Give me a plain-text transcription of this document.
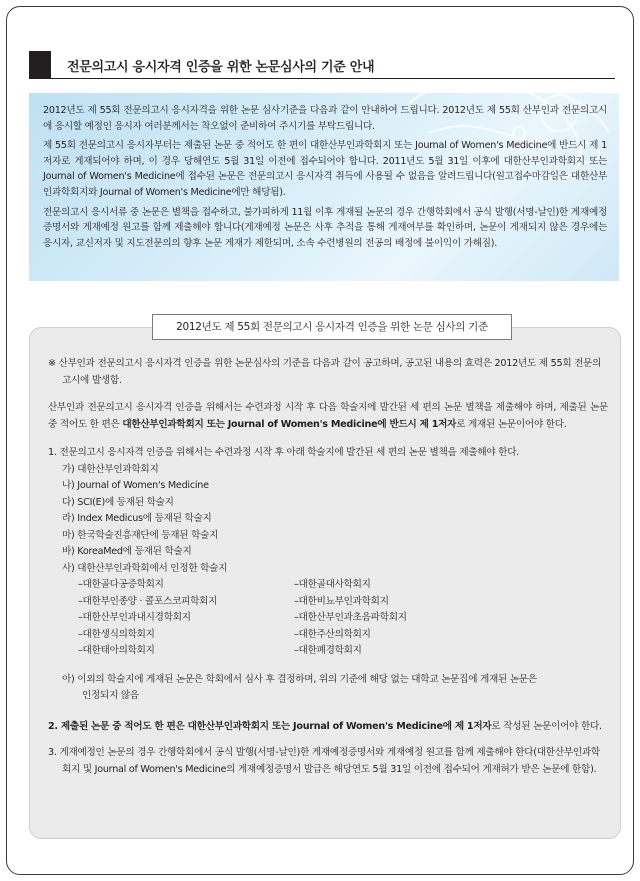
전문의고시 응시자격 인증을 위한 논문심사의 기준 안내

2012년도 제 55회 전문의고시 응시자격을 위한 논문 심사기준을 다음과 같이 안내하여 드립니다. 2012년도 제 55회 산부인과 전문의고시에 응시할 예정인 응시자 여러분께서는 착오없이 준비하여 주시기를 부탁드립니다.

제 55회 전문의고시 응시자부터는 제출된 논문 중 적어도 한 편이 대한산부인과학회지 또는 Journal of Women's Medicine에 반드시 제 1저자로 게재되어야 하며, 이 경우 당해연도 5월 31일 이전에 접수되어야 합니다. 2011년도 5월 31일 이후에 대한산부인과학회지 또는 Journal of Women's Medicine에 접수된 논문은 전문의고시 응시자격 취득에 사용될 수 없음을 알려드립니다(원고접수마감일은 대한산부인과학회지와 Journal of Women's Medicine에만 해당됨).

전문의고시 응시서류 중 논문은 별책을 접수하고, 불가피하게 11월 이후 게재될 논문의 경우 간행학회에서 공식 발행(서명-날인)한 게재예정증명서와 게재예정 원고를 함께 제출해야 합니다(게재예정 논문은 사후 추적을 통해 게재여부를 확인하며, 논문이 게재되지 않은 경우에는 응시자, 교신저자 및 지도전문의의 향후 논문 게재가 제한되며, 소속 수련병원의 전공의 배정에 불이익이 가해짐).

2012년도 제 55회 전문의고시 응시자격 인증을 위한 논문 심사의 기준
※ 산부인과 전문의고시 응시자격 인증을 위한 논문심사의 기준을 다음과 같이 공고하며, 공고된 내용의 효력은 2012년도 제 55회 전문의고시에 발생함.
산부인과 전문의고시 응시자격 인증을 위해서는 수련과정 시작 후 다음 학술지에 발간된 세 편의 논문 별책을 제출해야 하며, 제출된 논문 중 적어도 한 편은 대한산부인과학회지 또는 Journal of Women's Medicine에 반드시 제 1저자로 게재된 논문이어야 한다.
1. 전문의고시 응시자격 인증을 위해서는 수련과정 시작 후 아래 학술지에 발간된 세 편의 논문 별책을 제출해야 한다.
가) 대한산부인과학회지
나) Journal of Women's Medicine
다) SCI(E)에 등재된 학술지
라) Index Medicus에 등재된 학술지
마) 한국학술진흥재단에 등재된 학술지
바) KoreaMed에 등재된 학술지
사) 대한산부인과학회에서 인정한 학술지
–대한골다공증학회지	–대한골대사학회지
–대한부인종양 · 콜포스코피학회지	–대한비뇨부인과학회지
–대한산부인과내시경학회지	–대한산부인과초음파학회지
–대한생식의학회지	–대한주산의학회지
–대한태아의학회지	–대한폐경학회지
아) 이외의 학술지에 게재된 논문은 학회에서 심사 후 결정하며, 위의 기준에 해당 없는 대학교 논문집에 게재된 논문은
인정되지 않음
2. 제출된 논문 중 적어도 한 편은 대한산부인과학회지 또는 Journal of Women's Medicine에 제 1저자로 작성된 논문이어야 한다.
3. 게재예정인 논문의 경우 간행학회에서 공식 발행(서명-날인)한 게재예정증명서와 게재예정 원고를 함께 제출해야 한다(대한산부인과학회지 및 Journal of Women's Medicine의 게재예정증명서 발급은 해당연도 5월 31일 이전에 접수되어 게재허가 받은 논문에 한함).
